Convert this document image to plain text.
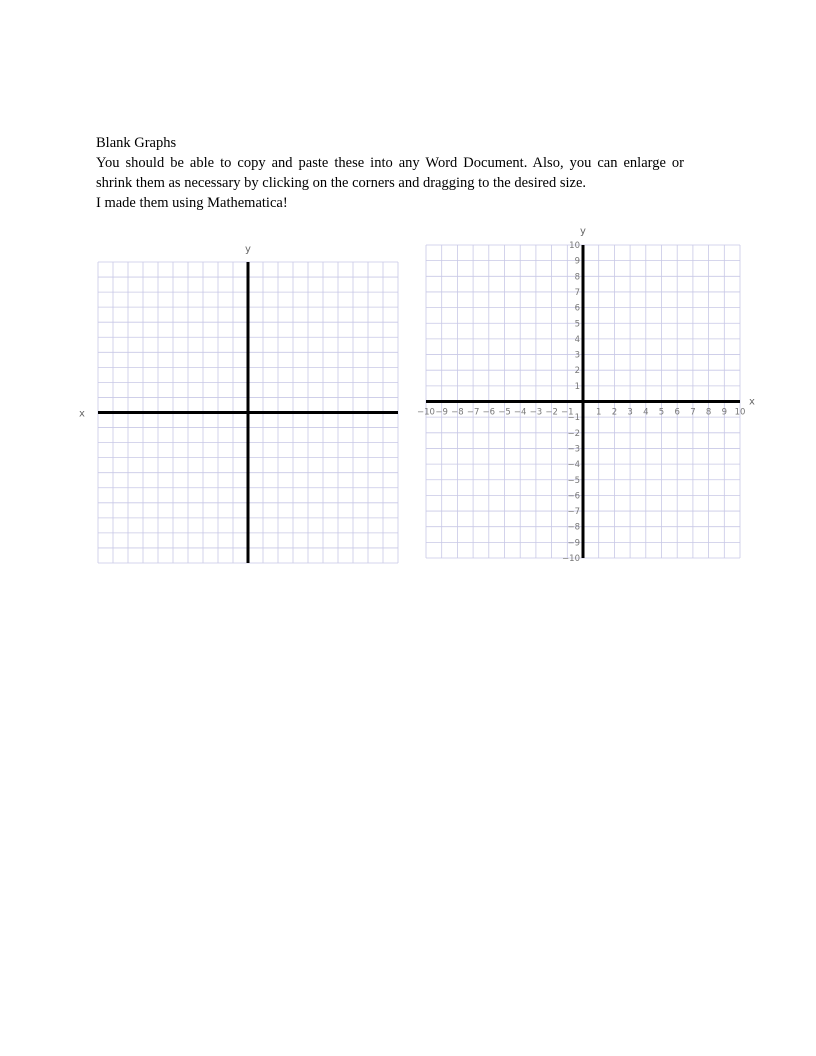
Blank Graphs
You should be able to copy and paste these into any Word Document. Also, you can enlarge or
shrink them as necessary by clicking on the corners and dragging to the desired size.
I made them using Mathematica!
y
x
y
x
−10 −9 −8 −7 −6 −5 −4 −3 −2 −1	1 2 3 4 5 6 7 8 9 10
−10
−9
−8
−7
−6
−5
−4
−3
−2
−1
1
2
3
4
5
6
7
8
9
10
